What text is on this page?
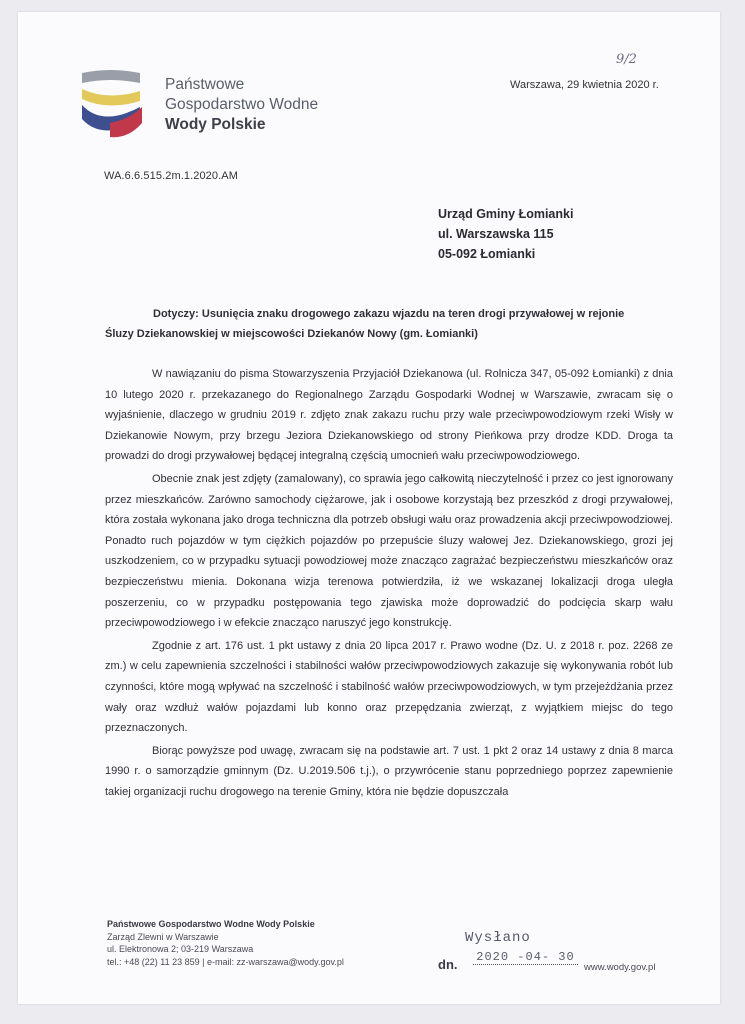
Państwowe
Gospodarstwo Wodne
Wody Polskie
9/2
Warszawa, 29 kwietnia 2020 r.
WA.6.6.515.2m.1.2020.AM
Urząd Gminy Łomianki
ul. Warszawska 115
05-092 Łomianki
Dotyczy: Usunięcia znaku drogowego zakazu wjazdu na teren drogi przywałowej w rejonie
Śluzy Dziekanowskiej w miejscowości Dziekanów Nowy (gm. Łomianki)

W nawiązaniu do pisma Stowarzyszenia Przyjaciół Dziekanowa (ul. Rolnicza 347, 05-092 Łomianki) z dnia 10 lutego 2020 r. przekazanego do Regionalnego Zarządu Gospodarki Wodnej w Warszawie, zwracam się o wyjaśnienie, dlaczego w grudniu 2019 r. zdjęto znak zakazu ruchu przy wale przeciwpowodziowym rzeki Wisły w Dziekanowie Nowym, przy brzegu Jeziora Dziekanowskiego od strony Pieńkowa przy drodze KDD. Droga ta prowadzi do drogi przywałowej będącej integralną częścią umocnień wału przeciwpowodziowego.

Obecnie znak jest zdjęty (zamalowany), co sprawia jego całkowitą nieczytelność i przez co jest ignorowany przez mieszkańców. Zarówno samochody ciężarowe, jak i osobowe korzystają bez przeszkód z drogi przywałowej, która została wykonana jako droga techniczna dla potrzeb obsługi wału oraz prowadzenia akcji przeciwpowodziowej. Ponadto ruch pojazdów w tym ciężkich pojazdów po przepuście śluzy wałowej Jez. Dziekanowskiego, grozi jej uszkodzeniem, co w przypadku sytuacji powodziowej może znacząco zagrażać bezpieczeństwu mieszkańców oraz bezpieczeństwu mienia. Dokonana wizja terenowa potwierdziła, iż we wskazanej lokalizacji droga uległa poszerzeniu, co w przypadku postępowania tego zjawiska może doprowadzić do podcięcia skarp wału przeciwpowodziowego i w efekcie znacząco naruszyć jego konstrukcję.

Zgodnie z art. 176 ust. 1 pkt ustawy z dnia 20 lipca 2017 r. Prawo wodne (Dz. U. z 2018 r. poz. 2268 ze zm.) w celu zapewnienia szczelności i stabilności wałów przeciwpowodziowych zakazuje się wykonywania robót lub czynności, które mogą wpływać na szczelność i stabilność wałów przeciwpowodziowych, w tym przejeżdżania przez wały oraz wzdłuż wałów pojazdami lub konno oraz przepędzania zwierząt, z wyjątkiem miejsc do tego przeznaczonych.

Biorąc powyższe pod uwagę, zwracam się na podstawie art. 7 ust. 1 pkt 2 oraz 14 ustawy z dnia 8 marca 1990 r. o samorządzie gminnym (Dz. U.2019.506 t.j.), o przywrócenie stanu poprzedniego poprzez zapewnienie takiej organizacji ruchu drogowego na terenie Gminy, która nie będzie dopuszczała

Państwowe Gospodarstwo Wodne Wody Polskie
Zarząd Zlewni w Warszawie
ul. Elektronowa 2; 03-219 Warszawa
tel.: +48 (22) 11 23 859 | e-mail: zz-warszawa@wody.gov.pl
Wysłano
dn. 2020 -04- 30
www.wody.gov.pl
